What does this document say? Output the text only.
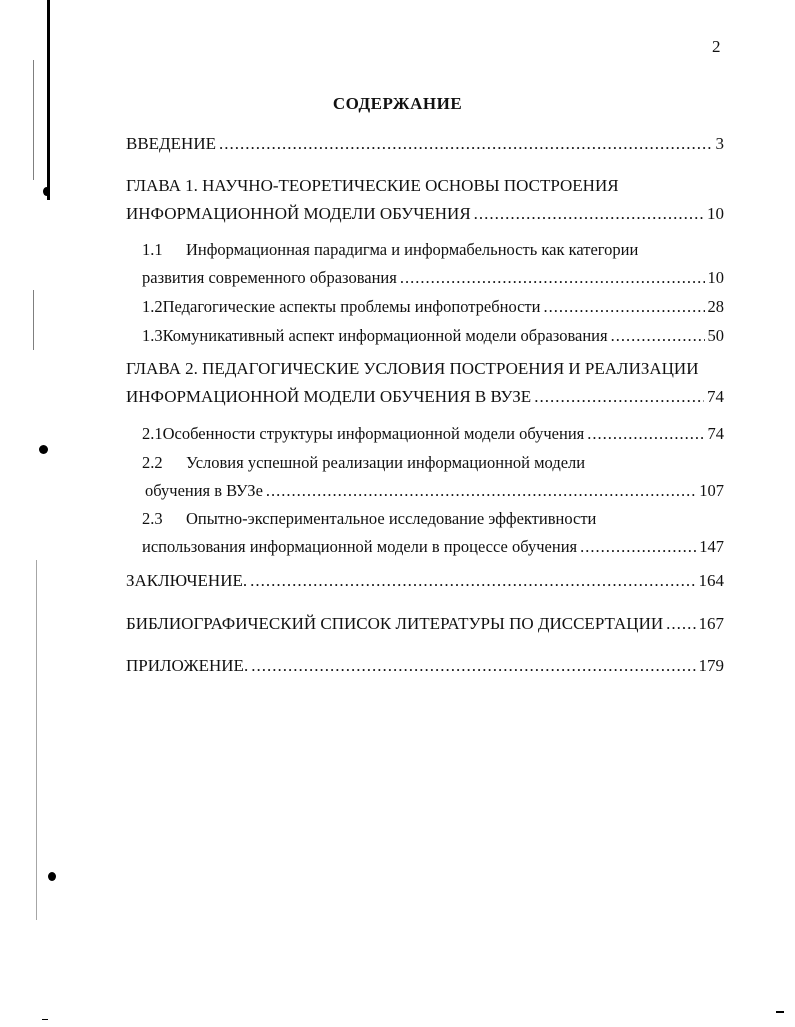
2
СОДЕРЖАНИЕ
ВВЕДЕНИЕ .....	3
ГЛАВА 1. НАУЧНО-ТЕОРЕТИЧЕСКИЕ ОСНОВЫ ПОСТРОЕНИЯ
ИНФОРМАЦИОННОЙ МОДЕЛИ ОБУЧЕНИЯ .....	10
1.1	Информационная парадигма и информабельность как категории
развития современного образования .....	10
1.2 Педагогические аспекты проблемы инфопотребности .....	28
1.3 Комуникативный аспект информационной модели образования .....	50
ГЛАВА 2. ПЕДАГОГИЧЕСКИЕ УСЛОВИЯ ПОСТРОЕНИЯ И РЕАЛИЗАЦИИ
ИНФОРМАЦИОННОЙ МОДЕЛИ ОБУЧЕНИЯ В ВУЗЕ .....	74
2.1 Особенности структуры информационной модели обучения .....	74
2.2	Условия успешной реализации информационной модели
обучения в ВУЗе .....	107
2.3	Опытно-экспериментальное исследование эффективности
использования информационной модели в процессе обучения .....	147
ЗАКЛЮЧЕНИЕ. .....	164
БИБЛИОГРАФИЧЕСКИЙ СПИСОК ЛИТЕРАТУРЫ ПО ДИССЕРТАЦИИ ..... 167
ПРИЛОЖЕНИЕ. .....	179
